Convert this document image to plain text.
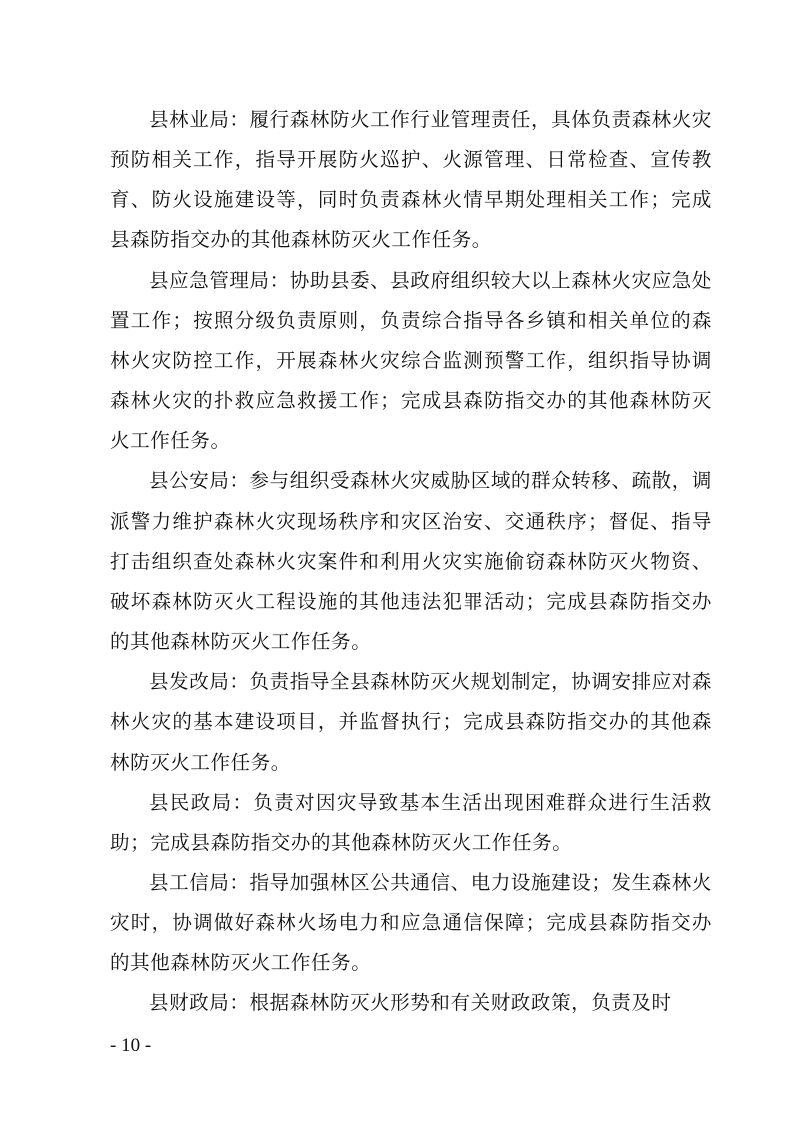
县林业局：履行森林防火工作行业管理责任，具体负责森林火灾预防相关工作，指导开展防火巡护、火源管理、日常检查、宣传教育、防火设施建设等，同时负责森林火情早期处理相关工作；完成县森防指交办的其他森林防灭火工作任务。

县应急管理局：协助县委、县政府组织较大以上森林火灾应急处置工作；按照分级负责原则，负责综合指导各乡镇和相关单位的森林火灾防控工作，开展森林火灾综合监测预警工作，组织指导协调森林火灾的扑救应急救援工作；完成县森防指交办的其他森林防灭火工作任务。

县公安局：参与组织受森林火灾威胁区域的群众转移、疏散，调派警力维护森林火灾现场秩序和灾区治安、交通秩序；督促、指导打击组织查处森林火灾案件和利用火灾实施偷窃森林防灭火物资、破坏森林防灭火工程设施的其他违法犯罪活动；完成县森防指交办的其他森林防灭火工作任务。

县发改局：负责指导全县森林防灭火规划制定，协调安排应对森林火灾的基本建设项目，并监督执行；完成县森防指交办的其他森林防灭火工作任务。

县民政局：负责对因灾导致基本生活出现困难群众进行生活救助；完成县森防指交办的其他森林防灭火工作任务。

县工信局：指导加强林区公共通信、电力设施建设；发生森林火灾时，协调做好森林火场电力和应急通信保障；完成县森防指交办的其他森林防灭火工作任务。

县财政局：根据森林防灭火形势和有关财政政策，负责及时

- 10 -
